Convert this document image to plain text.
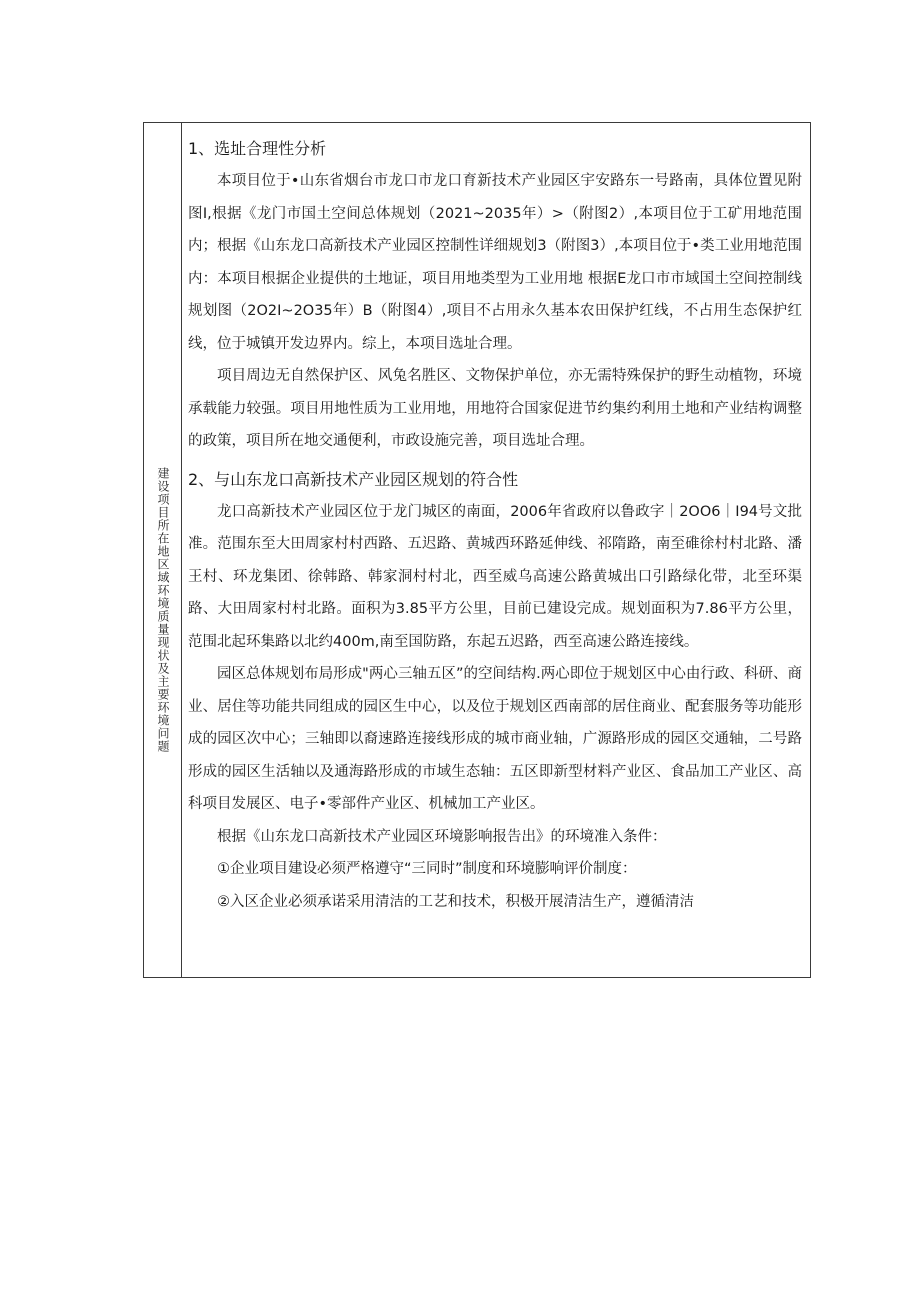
建设项目所在地区域环境质量现状及主要环境问题
1、选址合理性分析

本项目位于•山东省烟台市龙口市龙口育新技术产业园区宇安路东一号路南，具体位置见附图I,根据《龙门市国土空间总体规划（2021~2035年）>（附图2）,本项目位于工矿用地范围内；根据《山东龙口高新技术产业园区控制性详细规划3（附图3）,本项目位于•类工业用地范围内：本项目根据企业提供的土地证，项目用地类型为工业用地 根据E龙口市市域国土空间控制线规划图（2O2I~2O35年）B（附图4）,项目不占用永久基本农田保护红线，不占用生态保护红线，位于城镇开发边界内。综上，本项目选址合理。

项目周边无自然保护区、风兔名胜区、文物保护单位，亦无需特殊保护的野生动植物，环境承载能力较强。项目用地性质为工业用地，用地符合国家促进节约集约利用土地和产业结构调整的政策，项目所在地交通便利，市政设施完善，项目选址合理。

2、与山东龙口高新技术产业园区规划的符合性

龙口高新技术产业园区位于龙门城区的南面，2006年省政府以鲁政字｜2OO6｜I94号文批准。范围东至大田周家村村西路、五迟路、黄城西环路延伸线、祁隋路，南至碓徐村村北路、潘王村、环龙集团、徐韩路、韩家洞村村北，西至威乌高速公路黄城出口引路绿化带，北至环渠路、大田周家村村北路。面积为3.85平方公里，目前已建设完成。规划面积为7.86平方公里，范围北起环集路以北约400m,南至国防路，东起五迟路，西至高速公路连接线。

园区总体规划布局形成"两心三轴五区”的空间结构.两心即位于规划区中心由行政、科研、商业、居住等功能共同组成的园区生中心，以及位于规划区西南部的居住商业、配套服务等功能形成的园区次中心；三轴即以裔速路连接线形成的城市商业轴，广源路形成的园区交通轴，二号路形成的园区生活轴以及通海路形成的市域生态轴：五区即新型材料产业区、食品加工产业区、高科项目发展区、电子•零部件产业区、机械加工产业区。

根据《山东龙口高新技术产业园区环境影响报告出》的环境准入条件：

①企业项目建设必须严格遵守“三同时”制度和环境膨响评价制度：

②入区企业必须承诺采用清洁的工艺和技术，积极开展清洁生产，遵循清洁
